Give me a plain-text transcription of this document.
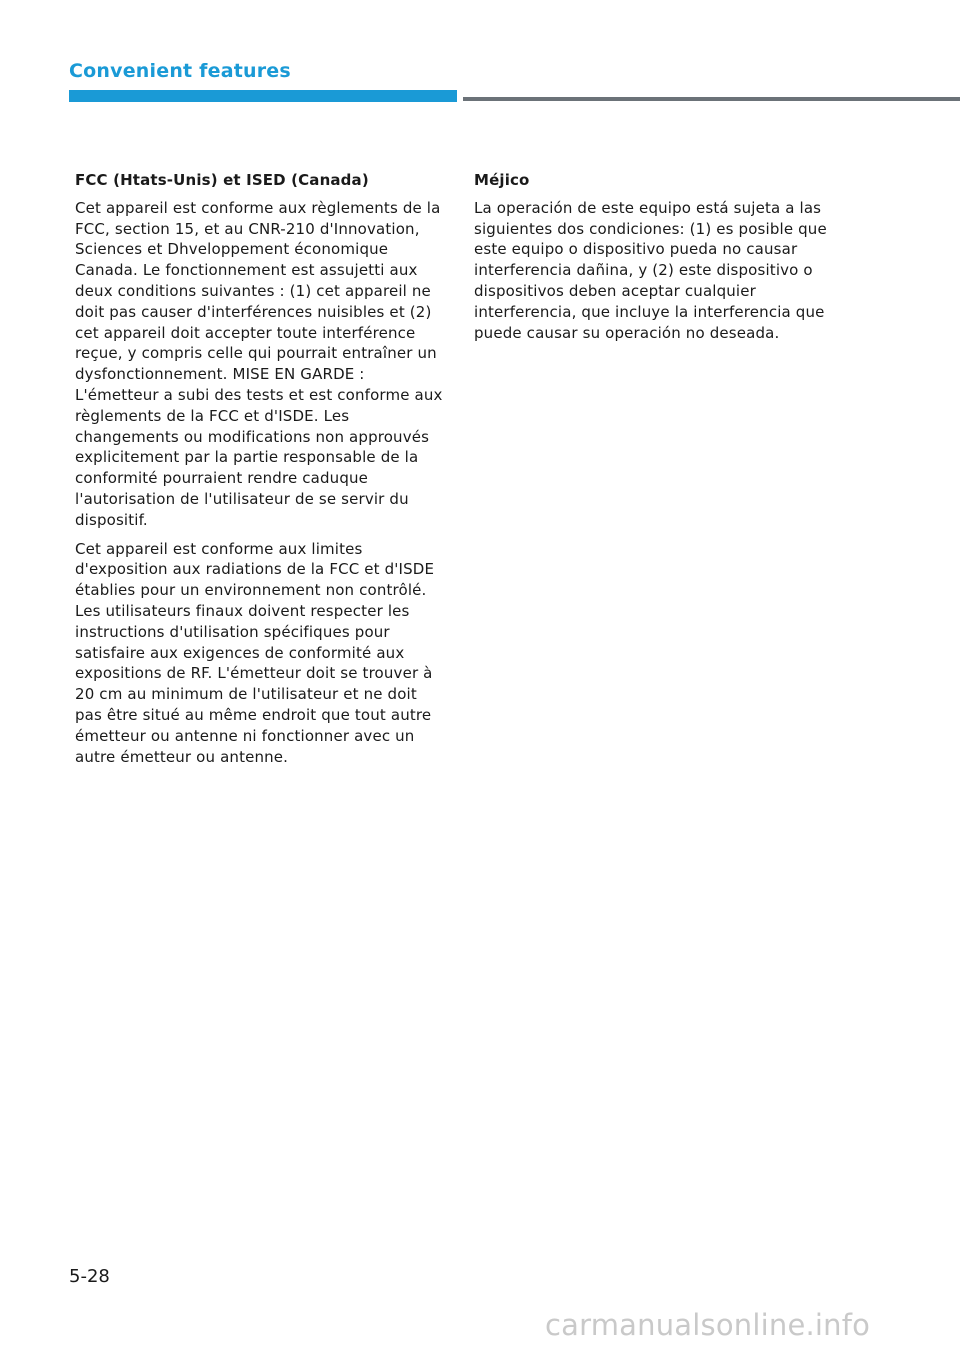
Convenient features
FCC (Htats-Unis) et ISED (Canada)

Cet appareil est conforme aux règlements de la FCC, section 15, et au CNR-210 d'Innovation, Sciences et Dhveloppement économique Canada. Le fonctionnement est assujetti aux deux conditions suivantes : (1) cet appareil ne doit pas causer d'interférences nuisibles et (2) cet appareil doit accepter toute interférence reçue, y compris celle qui pourrait entraîner un dysfonctionnement. MISE EN GARDE : L'émetteur a subi des tests et est conforme aux règlements de la FCC et d'ISDE. Les changements ou modifications non approuvés explicitement par la partie responsable de la conformité pourraient rendre caduque l'autorisation de l'utilisateur de se servir du dispositif.

Cet appareil est conforme aux limites d'exposition aux radiations de la FCC et d'ISDE établies pour un environnement non contrôlé. Les utilisateurs finaux doivent respecter les instructions d'utilisation spécifiques pour satisfaire aux exigences de conformité aux expositions de RF. L'émetteur doit se trouver à 20 cm au minimum de l'utilisateur et ne doit pas être situé au même endroit que tout autre émetteur ou antenne ni fonctionner avec un autre émetteur ou antenne.

Méjico

La operación de este equipo está sujeta a las siguientes dos condiciones: (1) es posible que este equipo o dispositivo pueda no causar interferencia dañina, y (2) este dispositivo o dispositivos deben aceptar cualquier interferencia, que incluye la interferencia que puede causar su operación no deseada.

5-28

carmanualsonline.info
